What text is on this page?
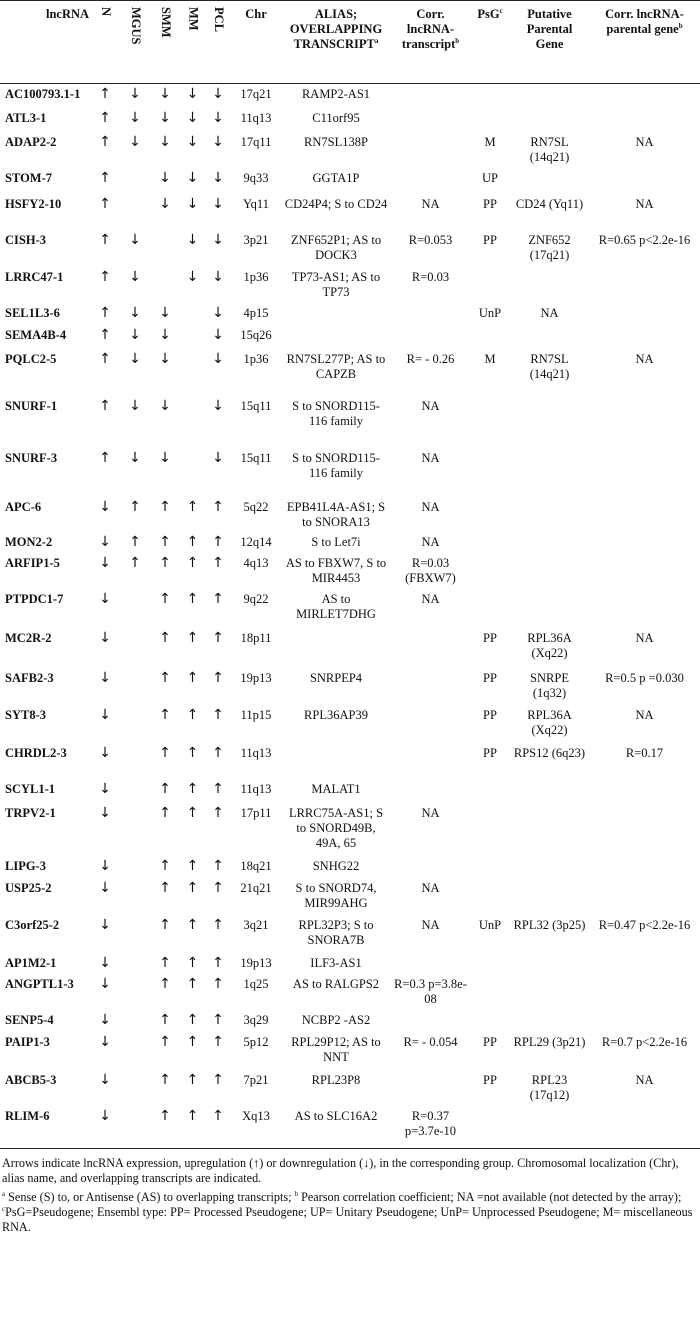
lncRNA	N	MGUS	SMM	MM	PCL	Chr	ALIAS; OVERLAPPING TRANSCRIPT$^a$	Corr. lncRNA-transcript$^b$	PsG$^c$	Putative Parental Gene	Corr. lncRNA-parental gene$^b$
AC100793.1-1	↑	↓	↓	↓	↓	17q21	RAMP2-AS1				
ATL3-1	↑	↓	↓	↓	↓	11q13	C11orf95				
ADAP2-2	↑	↓	↓	↓	↓	17q11	RN7SL138P		M	RN7SL (14q21)	NA
STOM-7	↑		↓	↓	↓	9q33	GGTA1P		UP		
HSFY2-10	↑		↓	↓	↓	Yq11	CD24P4; S to CD24	NA	PP	CD24 (Yq11)	NA
CISH-3	↑	↓		↓	↓	3p21	ZNF652P1; AS to DOCK3	R=0.053	PP	ZNF652 (17q21)	R=0.65 p<2.2e-16
LRRC47-1	↑	↓		↓	↓	1p36	TP73-AS1; AS to TP73	R=0.03			
SEL1L3-6	↑	↓	↓		↓	4p15			UnP	NA	
SEMA4B-4	↑	↓	↓		↓	15q26					
PQLC2-5	↑	↓	↓		↓	1p36	RN7SL277P; AS to CAPZB	R= - 0.26	M	RN7SL (14q21)	NA
SNURF-1	↑	↓	↓		↓	15q11	S to SNORD115-116 family	NA			
SNURF-3	↑	↓	↓		↓	15q11	S to SNORD115-116 family	NA			
APC-6	↓	↑	↑	↑	↑	5q22	EPB41L4A-AS1; S to SNORA13	NA			
MON2-2	↓	↑	↑	↑	↑	12q14	S to Let7i	NA			
ARFIP1-5	↓	↑	↑	↑	↑	4q13	AS to FBXW7, S to MIR4453	R=0.03 (FBXW7)			
PTPDC1-7	↓		↑	↑	↑	9q22	AS to MIRLET7DHG	NA			
MC2R-2	↓		↑	↑	↑	18p11			PP	RPL36A (Xq22)	NA
SAFB2-3	↓		↑	↑	↑	19p13	SNRPEP4		PP	SNRPE (1q32)	R=0.5 p =0.030
SYT8-3	↓		↑	↑	↑	11p15	RPL36AP39		PP	RPL36A (Xq22)	NA
CHRDL2-3	↓		↑	↑	↑	11q13			PP	RPS12 (6q23)	R=0.17
SCYL1-1	↓		↑	↑	↑	11q13	MALAT1				
TRPV2-1	↓		↑	↑	↑	17p11	LRRC75A-AS1; S to SNORD49B, 49A, 65	NA			
LIPG-3	↓		↑	↑	↑	18q21	SNHG22				
USP25-2	↓		↑	↑	↑	21q21	S to SNORD74, MIR99AHG	NA			
C3orf25-2	↓		↑	↑	↑	3q21	RPL32P3; S to SNORA7B	NA	UnP	RPL32 (3p25)	R=0.47 p<2.2e-16
AP1M2-1	↓		↑	↑	↑	19p13	ILF3-AS1				
ANGPTL1-3	↓		↑	↑	↑	1q25	AS to RALGPS2	R=0.3 p=3.8e-08			
SENP5-4	↓		↑	↑	↑	3q29	NCBP2 -AS2				
PAIP1-3	↓		↑	↑	↑	5p12	RPL29P12; AS to NNT	R= - 0.054	PP	RPL29 (3p21)	R=0.7 p<2.2e-16
ABCB5-3	↓		↑	↑	↑	7p21	RPL23P8		PP	RPL23 (17q12)	NA
RLIM-6	↓		↑	↑	↑	Xq13	AS to SLC16A2	R=0.37 p=3.7e-10			

Arrows indicate lncRNA expression, upregulation (↑) or downregulation (↓), in the corresponding group. Chromosomal localization (Chr), alias name, and overlapping transcripts are indicated.

$^a$ Sense (S) to, or Antisense (AS) to overlapping transcripts; $^b$ Pearson correlation coefficient; NA =not available (not detected by the array); $^c$PsG=Pseudogene; Ensembl type: PP= Processed Pseudogene; UP= Unitary Pseudogene; UnP= Unprocessed Pseudogene; M= miscellaneous RNA.
